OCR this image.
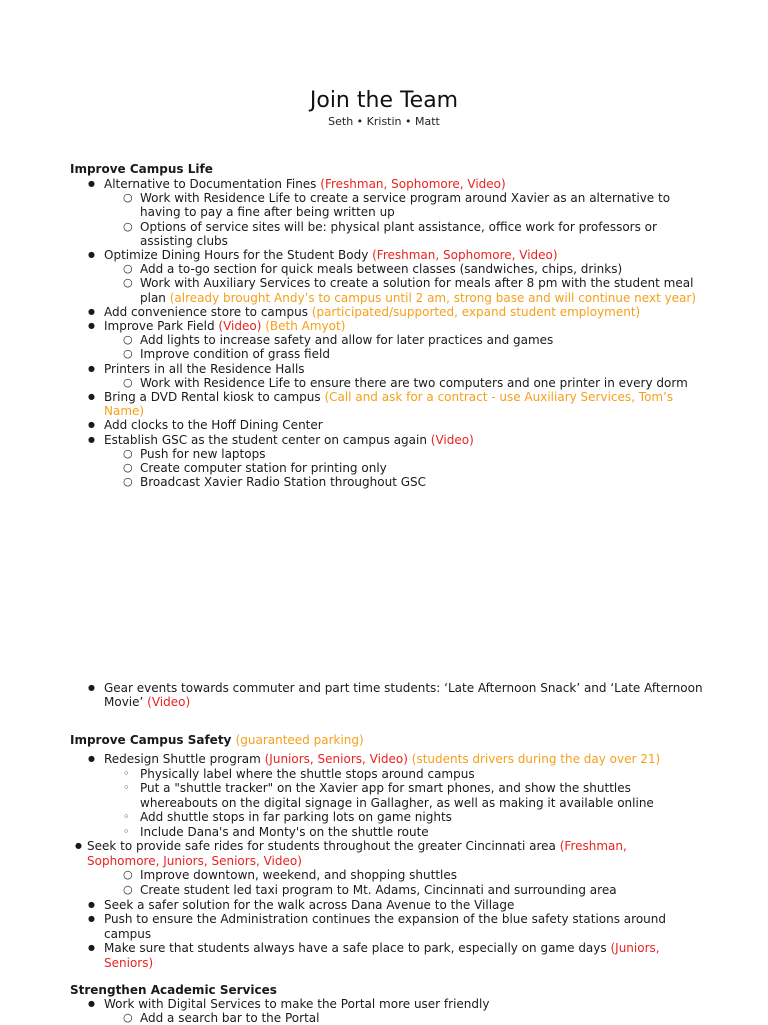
Join the Team
Seth • Kristin • Matt
Improve Campus Life
● Alternative to Documentation Fines (Freshman, Sophomore, Video)
○ Work with Residence Life to create a service program around Xavier as an alternative to
having to pay a fine after being written up
○ Options of service sites will be: physical plant assistance, office work for professors or
assisting clubs
● Optimize Dining Hours for the Student Body (Freshman, Sophomore, Video)
○ Add a to-go section for quick meals between classes (sandwiches, chips, drinks)
○ Work with Auxiliary Services to create a solution for meals after 8 pm with the student meal
plan (already brought Andy’s to campus until 2 am, strong base and will continue next year)
● Add convenience store to campus (participated/supported, expand student employment)
● Improve Park Field (Video) (Beth Amyot)
○ Add lights to increase safety and allow for later practices and games
○ Improve condition of grass field
● Printers in all the Residence Halls
○ Work with Residence Life to ensure there are two computers and one printer in every dorm
● Bring a DVD Rental kiosk to campus (Call and ask for a contract - use Auxiliary Services, Tom’s
Name)
● Add clocks to the Hoff Dining Center
● Establish GSC as the student center on campus again (Video)
○ Push for new laptops
○ Create computer station for printing only
○ Broadcast Xavier Radio Station throughout GSC
● Gear events towards commuter and part time students: ‘Late Afternoon Snack’ and ‘Late Afternoon
Movie’ (Video)
Improve Campus Safety (guaranteed parking)
● Redesign Shuttle program (Juniors, Seniors, Video) (students drivers during the day over 21)
◦ Physically label where the shuttle stops around campus
◦ Put a "shuttle tracker" on the Xavier app for smart phones, and show the shuttles
whereabouts on the digital signage in Gallagher, as well as making it available online
◦ Add shuttle stops in far parking lots on game nights
◦ Include Dana's and Monty's on the shuttle route
● Seek to provide safe rides for students throughout the greater Cincinnati area (Freshman,
Sophomore, Juniors, Seniors, Video)
○ Improve downtown, weekend, and shopping shuttles
○ Create student led taxi program to Mt. Adams, Cincinnati and surrounding area
● Seek a safer solution for the walk across Dana Avenue to the Village
● Push to ensure the Administration continues the expansion of the blue safety stations around
campus
● Make sure that students always have a safe place to park, especially on game days (Juniors,
Seniors)
Strengthen Academic Services
● Work with Digital Services to make the Portal more user friendly
○ Add a search bar to the Portal
